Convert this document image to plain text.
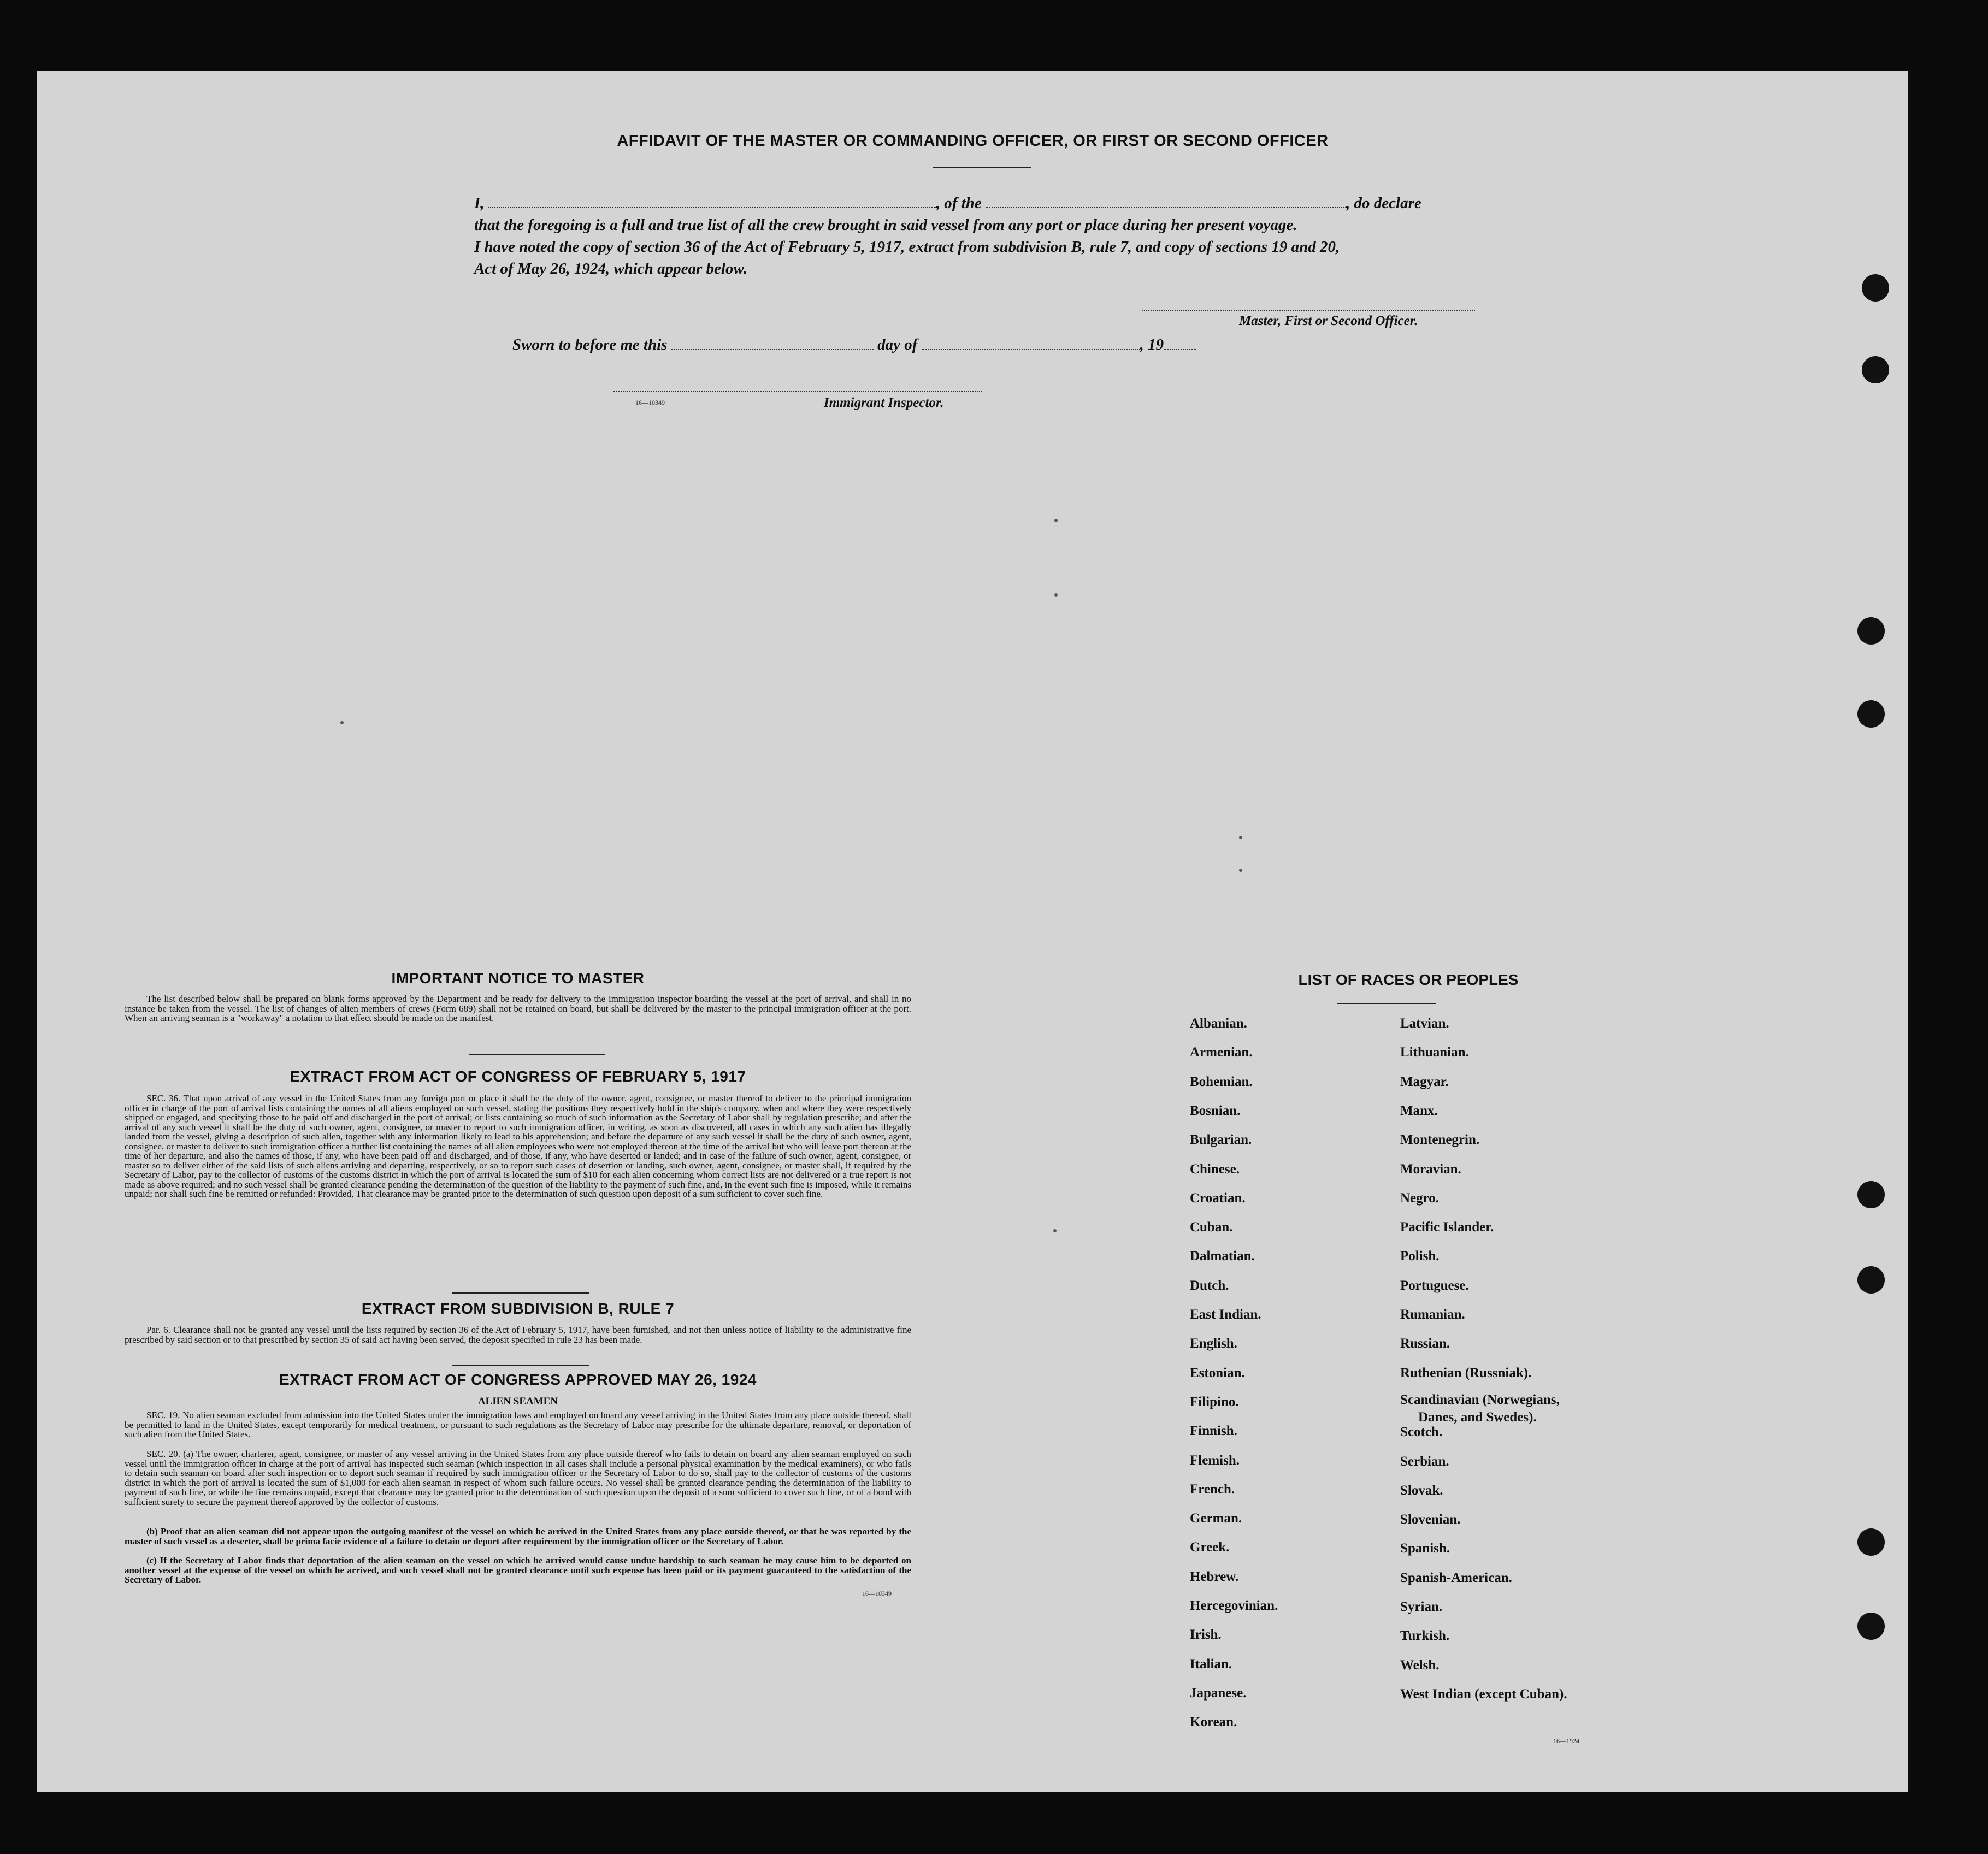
AFFIDAVIT OF THE MASTER OR COMMANDING OFFICER, OR FIRST OR SECOND OFFICER
I,	, of the	, do declare
that the foregoing is a full and true list of all the crew brought in said vessel from any port or place during her present voyage.
I have noted the copy of section 36 of the Act of February 5, 1917, extract from subdivision B, rule 7, and copy of sections 19 and 20,
Act of May 26, 1924, which appear below.
Master, First or Second Officer.
Sworn to before me this	day of	, 19
16—10349	Immigrant Inspector.
IMPORTANT NOTICE TO MASTER
The list described below shall be prepared on blank forms approved by the Department and be ready for delivery to the immigration inspector boarding the vessel at the port of arrival, and shall in no instance be taken from the vessel. The list of changes of alien members of crews (Form 689) shall not be retained on board, but shall be delivered by the master to the principal immigration officer at the port. When an arriving seaman is a "workaway" a notation to that effect should be made on the manifest.
EXTRACT FROM ACT OF CONGRESS OF FEBRUARY 5, 1917
SEC. 36. That upon arrival of any vessel in the United States from any foreign port or place it shall be the duty of the owner, agent, consignee, or master thereof to deliver to the principal immigration officer in charge of the port of arrival lists containing the names of all aliens employed on such vessel, stating the positions they respectively hold in the ship's company, when and where they were respectively shipped or engaged, and specifying those to be paid off and discharged in the port of arrival; or lists containing so much of such information as the Secretary of Labor shall by regulation prescribe; and after the arrival of any such vessel it shall be the duty of such owner, agent, consignee, or master to report to such immigration officer, in writing, as soon as discovered, all cases in which any such alien has illegally landed from the vessel, giving a description of such alien, together with any information likely to lead to his apprehension; and before the departure of any such vessel it shall be the duty of such owner, agent, consignee, or master to deliver to such immigration officer a further list containing the names of all alien employees who were not employed thereon at the time of the arrival but who will leave port thereon at the time of her departure, and also the names of those, if any, who have been paid off and discharged, and of those, if any, who have deserted or landed; and in case of the failure of such owner, agent, consignee, or master so to deliver either of the said lists of such aliens arriving and departing, respectively, or so to report such cases of desertion or landing, such owner, agent, consignee, or master shall, if required by the Secretary of Labor, pay to the collector of customs of the customs district in which the port of arrival is located the sum of $10 for each alien concerning whom correct lists are not delivered or a true report is not made as above required; and no such vessel shall be granted clearance pending the determination of the question of the liability to the payment of such fine, and, in the event such fine is imposed, while it remains unpaid; nor shall such fine be remitted or refunded: Provided, That clearance may be granted prior to the determination of such question upon deposit of a sum sufficient to cover such fine.
EXTRACT FROM SUBDIVISION B, RULE 7
Par. 6. Clearance shall not be granted any vessel until the lists required by section 36 of the Act of February 5, 1917, have been furnished, and not then unless notice of liability to the administrative fine prescribed by said section or to that prescribed by section 35 of said act having been served, the deposit specified in rule 23 has been made.
EXTRACT FROM ACT OF CONGRESS APPROVED MAY 26, 1924
ALIEN SEAMEN
SEC. 19. No alien seaman excluded from admission into the United States under the immigration laws and employed on board any vessel arriving in the United States from any place outside thereof, shall be permitted to land in the United States, except temporarily for medical treatment, or pursuant to such regulations as the Secretary of Labor may prescribe for the ultimate departure, removal, or deportation of such alien from the United States.
SEC. 20. (a) The owner, charterer, agent, consignee, or master of any vessel arriving in the United States from any place outside thereof who fails to detain on board any alien seaman employed on such vessel until the immigration officer in charge at the port of arrival has inspected such seaman (which inspection in all cases shall include a personal physical examination by the medical examiners), or who fails to detain such seaman on board after such inspection or to deport such seaman if required by such immigration officer or the Secretary of Labor to do so, shall pay to the collector of customs of the customs district in which the port of arrival is located the sum of $1,000 for each alien seaman in respect of whom such failure occurs. No vessel shall be granted clearance pending the determination of the liability to payment of such fine, or while the fine remains unpaid, except that clearance may be granted prior to the determination of such question upon the deposit of a sum sufficient to cover such fine, or of a bond with sufficient surety to secure the payment thereof approved by the collector of customs.
(b) Proof that an alien seaman did not appear upon the outgoing manifest of the vessel on which he arrived in the United States from any place outside thereof, or that he was reported by the master of such vessel as a deserter, shall be prima facie evidence of a failure to detain or deport after requirement by the immigration officer or the Secretary of Labor.
(c) If the Secretary of Labor finds that deportation of the alien seaman on the vessel on which he arrived would cause undue hardship to such seaman he may cause him to be deported on another vessel at the expense of the vessel on which he arrived, and such vessel shall not be granted clearance until such expense has been paid or its payment guaranteed to the satisfaction of the Secretary of Labor.
16—10349
LIST OF RACES OR PEOPLES
16—1924
Albanian.
Armenian.
Bohemian.
Bosnian.
Bulgarian.
Chinese.
Croatian.
Cuban.
Dalmatian.
Dutch.
East Indian.
English.
Estonian.
Filipino.
Finnish.
Flemish.
French.
German.
Greek.
Hebrew.
Hercegovinian.
Irish.
Italian.
Japanese.
Korean.
Latvian.
Lithuanian.
Magyar.
Manx.
Montenegrin.
Moravian.
Negro.
Pacific Islander.
Polish.
Portuguese.
Rumanian.
Russian.
Ruthenian (Russniak).
Scandinavian (Norwegians,
Danes, and Swedes).
Scotch.
Serbian.
Slovak.
Slovenian.
Spanish.
Spanish-American.
Syrian.
Turkish.
Welsh.
West Indian (except Cuban).
